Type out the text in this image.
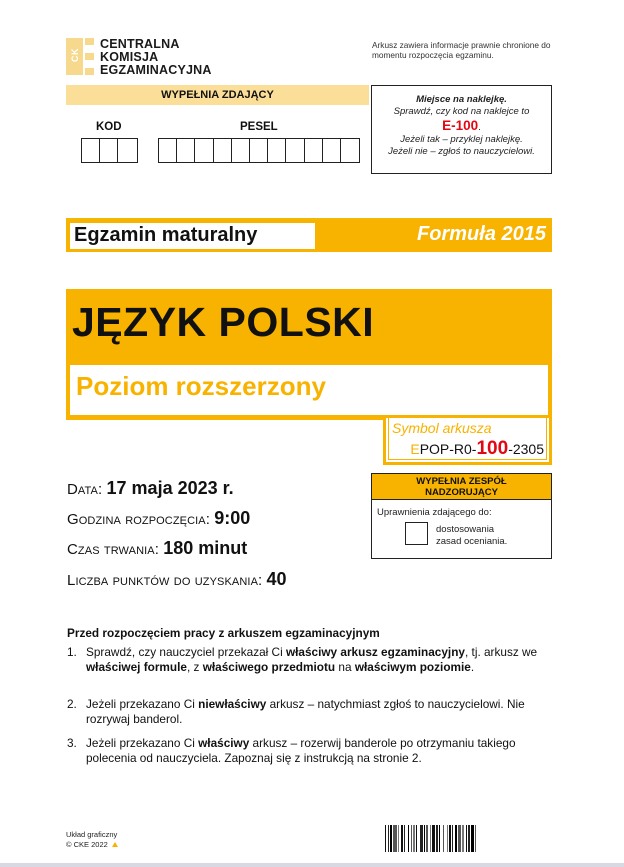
CK
CENTRALNA
KOMISJA
EGZAMINACYJNA
Arkusz zawiera informacje prawnie chronione do momentu rozpoczęcia egzaminu.
WYPEŁNIA ZDAJĄCY
KOD	PESEL
Miejsce na naklejkę.
Sprawdź, czy kod na naklejce to
E-100.
Jeżeli tak – przyklej naklejkę.
Jeżeli nie – zgłoś to nauczycielowi.
Egzamin maturalny	Formuła 2015
JĘZYK POLSKI
Poziom rozszerzony
Symbol arkusza
EPOP-R0-100-2305
WYPEŁNIA ZESPÓŁ
NADZORUJĄCY
Uprawnienia zdającego do:
dostosowania
zasad oceniania.
Data: 17 maja 2023 r.
Godzina rozpoczęcia: 9:00
Czas trwania: 180 minut
Liczba punktów do uzyskania: 40
Przed rozpoczęciem pracy z arkuszem egzaminacyjnym
1. Sprawdź, czy nauczyciel przekazał Ci właściwy arkusz egzaminacyjny, tj. arkusz we właściwej formule, z właściwego przedmiotu na właściwym poziomie.
2. Jeżeli przekazano Ci niewłaściwy arkusz – natychmiast zgłoś to nauczycielowi. Nie rozrywaj banderol.
3. Jeżeli przekazano Ci właściwy arkusz – rozerwij banderole po otrzymaniu takiego polecenia od nauczyciela. Zapoznaj się z instrukcją na stronie 2.
Układ graficzny
© CKE 2022
